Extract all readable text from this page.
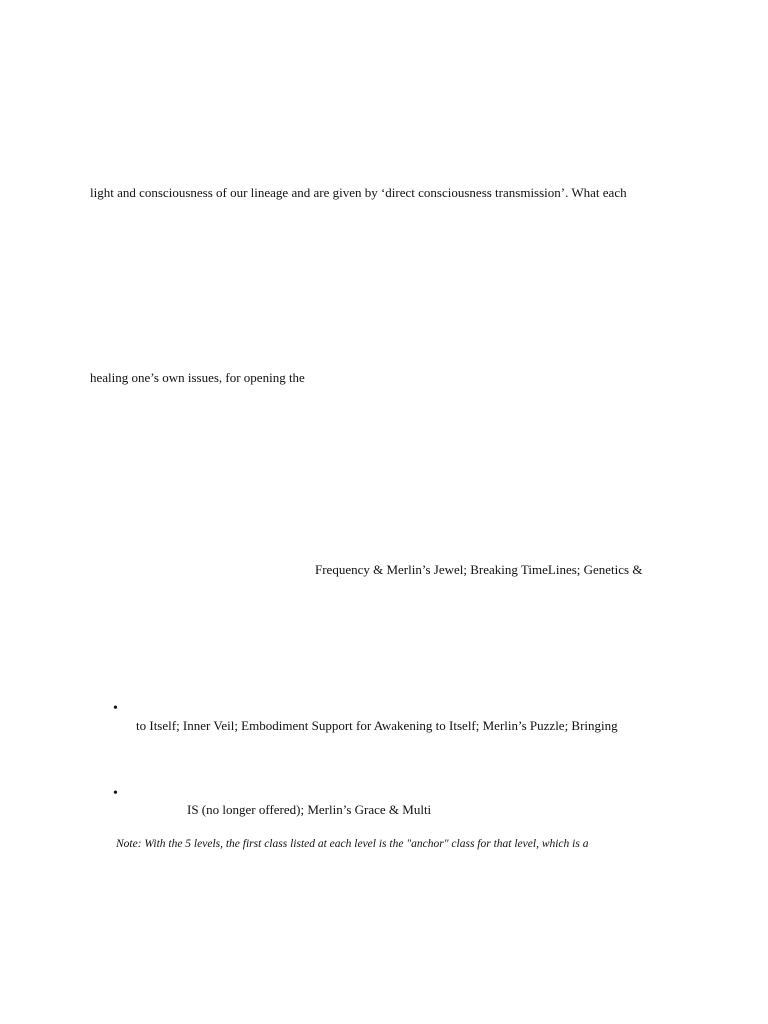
light and consciousness of our lineage and are given by ‘direct consciousness transmission’. What each
healing one’s own issues, for opening the
Frequency & Merlin’s Jewel; Breaking TimeLines; Genetics &
•
to Itself; Inner Veil; Embodiment Support for Awakening to Itself; Merlin’s Puzzle; Bringing
•
IS (no longer offered); Merlin’s Grace & Multi
Note: With the 5 levels, the first class listed at each level is the "anchor" class for that level, which is a
